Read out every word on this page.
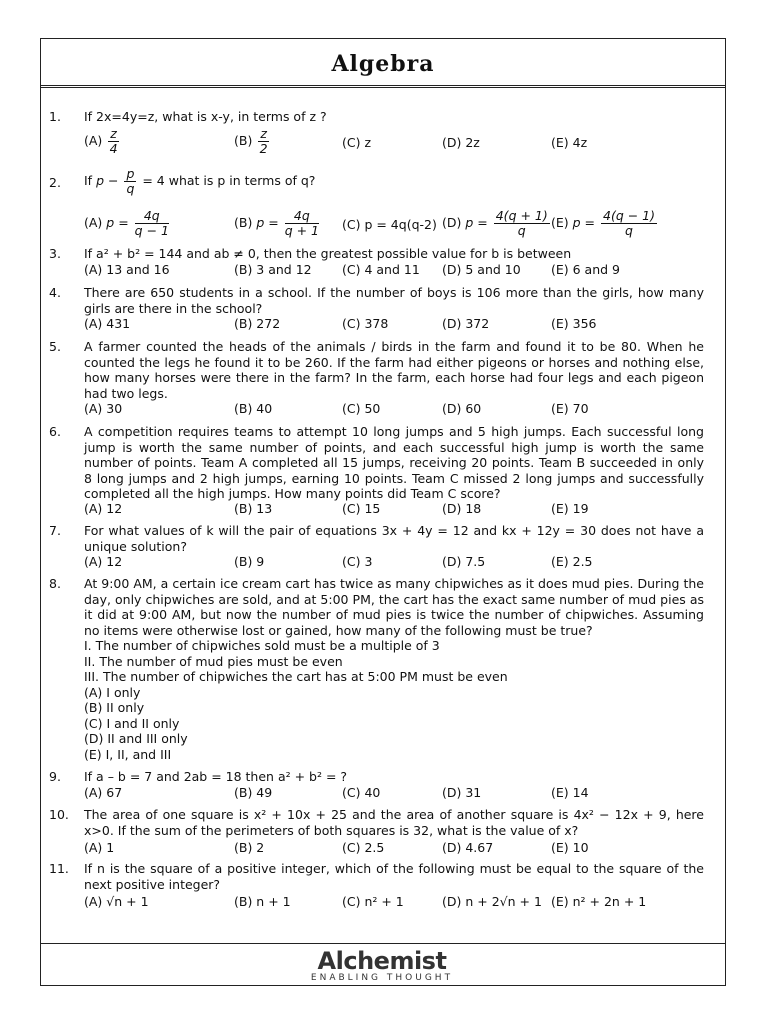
Algebra
1. If 2x=4y=z, what is x-y, in terms of z ?
$(A) \frac{z}{4}$	$(B) \frac{z}{2}$	(C) z	(D) 2z	(E) 4z
2. If $p - \frac{p}{q} = 4$ what is p in terms of q?
(A) $p = \frac{4q}{q - 1}$	(B) $p = \frac{4q}{q + 1} (C) p = 4q(q-2)$ (D) $p = \frac{4(q + 1)}{q} (E) p = \frac{4(q - 1)}{q}$
3. If a² + b² = 144 and ab ≠ 0, then the greatest possible value for b is between
(A) 13 and 16	(B) 3 and 12 (C) 4 and 11 (D) 5 and 10 (E) 6 and 9
4. There are 650 students in a school. If the number of boys is 106 more than the girls, how many girls are there in the school?
(A) 431	(B) 272	(C) 378	(D) 372	(E) 356
5. A farmer counted the heads of the animals / birds in the farm and found it to be 80. When he counted the legs he found it to be 260. If the farm had either pigeons or horses and nothing else, how many horses were there in the farm? In the farm, each horse had four legs and each pigeon had two legs.
(A) 30	(B) 40	(C) 50	(D) 60	(E) 70
6. A competition requires teams to attempt 10 long jumps and 5 high jumps. Each successful long jump is worth the same number of points, and each successful high jump is worth the same number of points. Team A completed all 15 jumps, receiving 20 points. Team B succeeded in only 8 long jumps and 2 high jumps, earning 10 points. Team C missed 2 long jumps and successfully completed all the high jumps. How many points did Team C score?
(A) 12	(B) 13	(C) 15	(D) 18	(E) 19
7. For what values of k will the pair of equations 3x + 4y = 12 and kx + 12y = 30 does not have a unique solution?
(A) 12	(B) 9	(C) 3	(D) 7.5	(E) 2.5
8. At 9:00 AM, a certain ice cream cart has twice as many chipwiches as it does mud pies. During the day, only chipwiches are sold, and at 5:00 PM, the cart has the exact same number of mud pies as it did at 9:00 AM, but now the number of mud pies is twice the number of chipwiches. Assuming no items were otherwise lost or gained, how many of the following must be true?
I. The number of chipwiches sold must be a multiple of 3
II. The number of mud pies must be even
III. The number of chipwiches the cart has at 5:00 PM must be even
(A) I only
(B) II only
(C) I and II only
(D) II and III only
(E) I, II, and III
9. If a – b = 7 and 2ab = 18 then a² + b² = ?
(A) 67	(B) 49	(C) 40	(D) 31	(E) 14
10. The area of one square is x² + 10x + 25 and the area of another square is 4x² − 12x + 9, here x>0. If the sum of the perimeters of both squares is 32, what is the value of x?
(A) 1	(B) 2	(C) 2.5	(D) 4.67	(E) 10
11. If n is the square of a positive integer, which of the following must be equal to the square of the next positive integer?
(A) √n + 1	(B) n + 1	(C) n² + 1	(D) n + 2√n + 1 (E) n² + 2n + 1
Alchemist
ENABLING THOUGHT
